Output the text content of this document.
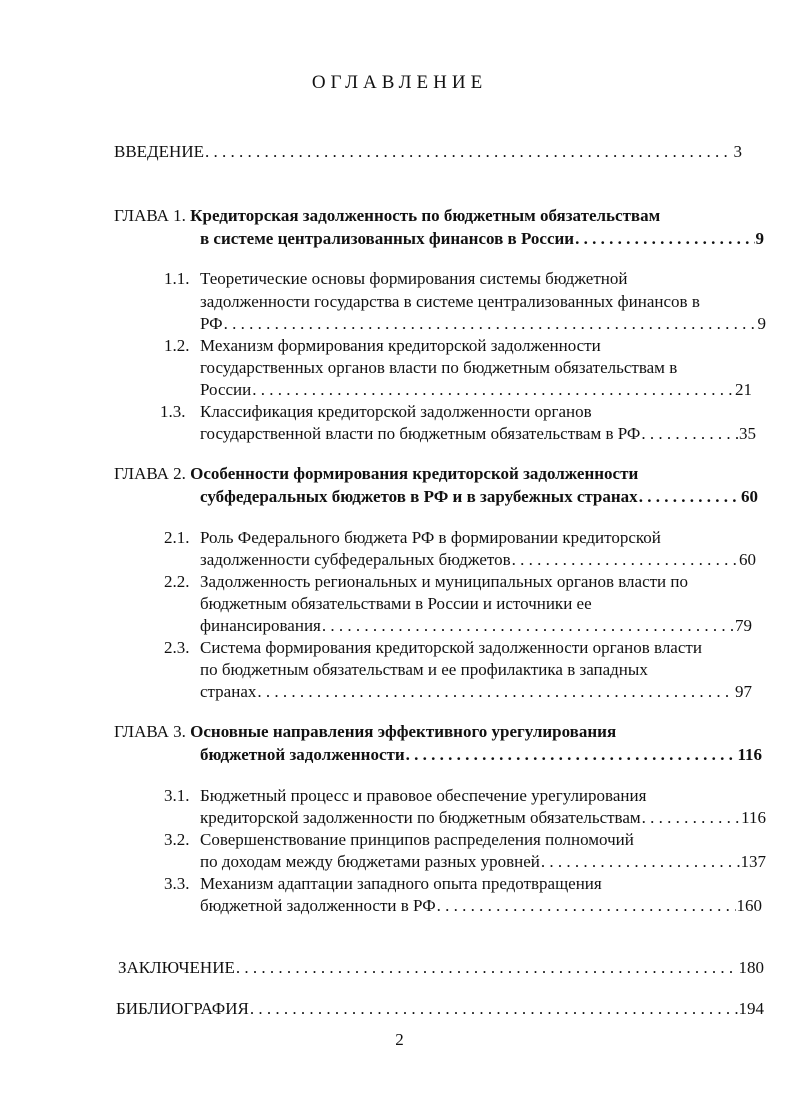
ОГЛАВЛЕНИЕ
ВВЕДЕНИЕ . . .	3
ГЛАВА 1. Кредиторская задолженность по бюджетным обязательствам
в системе централизованных финансов в России . . .	9
1.1. Теоретические основы формирования системы бюджетной
задолженности государства в системе централизованных финансов в
РФ . . .	9
1.2. Механизм формирования кредиторской задолженности
государственных органов власти по бюджетным обязательствам в
России . . .	21
1.3. Классификация кредиторской задолженности органов
государственной власти по бюджетным обязательствам в РФ . . .	35
ГЛАВА 2. Особенности формирования кредиторской задолженности
субфедеральных бюджетов в РФ и в зарубежных странах . . .	60
2.1. Роль Федерального бюджета РФ в формировании кредиторской
задолженности субфедеральных бюджетов . . .	60
2.2. Задолженность региональных и муниципальных органов власти по
бюджетным обязательствами в России и источники ее
финансирования . . .	79
2.3. Система формирования кредиторской задолженности органов власти
по бюджетным обязательствам и ее профилактика в западных
странах . . .	97
ГЛАВА 3. Основные направления эффективного урегулирования
бюджетной задолженности . . .	116
3.1. Бюджетный процесс и правовое обеспечение урегулирования
кредиторской задолженности по бюджетным обязательствам . . .	116
3.2. Совершенствование принципов распределения полномочий
по доходам между бюджетами разных уровней . . .	137
3.3. Механизм адаптации западного опыта предотвращения
бюджетной задолженности в РФ . . .	160
ЗАКЛЮЧЕНИЕ . . .	180
БИБЛИОГРАФИЯ . . .	194
2
